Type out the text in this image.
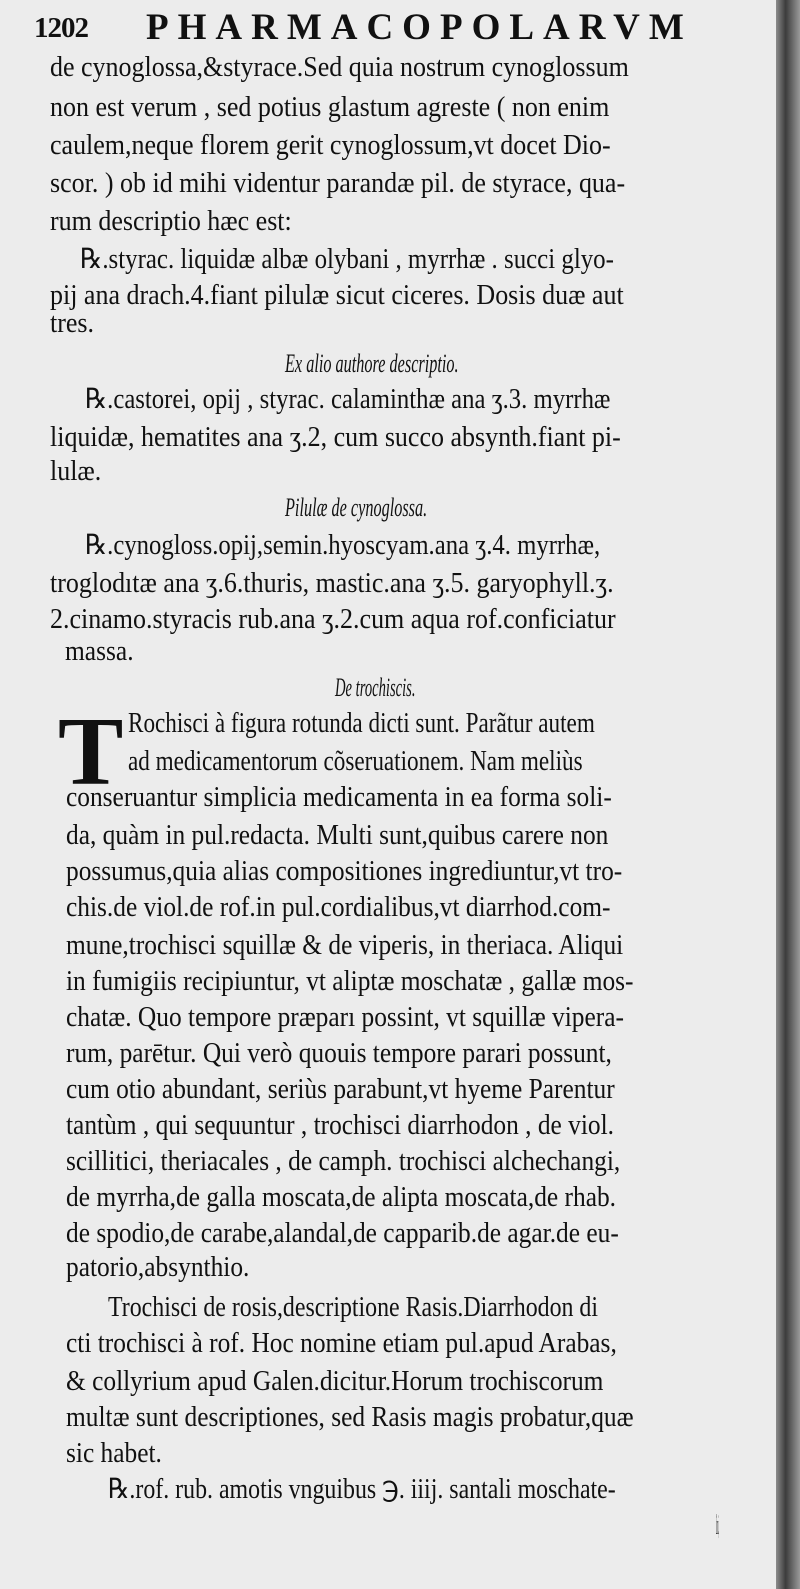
1202 PHARMACOPOLARVM
de cynoglossa,&styrace.Sed quia nostrum cynoglossum
non est verum , sed potius glastum agreste ( non enim
caulem,neque florem gerit cynoglossum,vt docet Dio-
scor. ) ob id mihi videntur parandæ pil. de styrace, qua-
rum descriptio hæc est:
℞.styrac. liquidæ albæ olybani , myrrhæ . succi glyo-
pij ana drach.4.fiant pilulæ sicut ciceres. Dosis duæ aut
tres.
Ex alio authore descriptio.
℞.castorei, opij , styrac. calaminthæ ana ʒ.3. myrrhæ
liquidæ, hematites ana ʒ.2, cum succo absynth.fiant pi-
lulæ.
Pilulæ de cynoglossa.
℞.cynogloss.opij,semin.hyoscyam.ana ʒ.4. myrrhæ,
troglodıtæ ana ʒ.6.thuris, mastic.ana ʒ.5. garyophyll.ʒ.
2.cinamo.styracis rub.ana ʒ.2.cum aqua rof.conficiatur
massa.
De trochiscis.
T Rochisci à figura rotunda dicti sunt. Parãtur autem
ad medicamentorum cõseruationem. Nam meliùs
conseruantur simplicia medicamenta in ea forma soli-
da, quàm in pul.redacta. Multi sunt,quibus carere non
possumus,quia alias compositiones ingrediuntur,vt tro-
chis.de viol.de rof.in pul.cordialibus,vt diarrhod.com-
mune,trochisci squillæ & de viperis, in theriaca. Aliqui
in fumigiis recipiuntur, vt aliptæ moschatæ , gallæ mos-
chatæ. Quo tempore præparı possint, vt squillæ vipera-
rum, parētur. Qui verò quouis tempore parari possunt,
cum otio abundant, seriùs parabunt,vt hyeme Parentur
tantùm , qui sequuntur , trochisci diarrhodon , de viol.
scillitici, theriacales , de camph. trochisci alchechangi,
de myrrha,de galla moscata,de alipta moscata,de rhab.
de spodio,de carabe,alandal,de capparib.de agar.de eu-
patorio,absynthio.
Trochisci de rosis,descriptione Rasis.Diarrhodon di
cti trochisci à rof. Hoc nomine etiam pul.apud Arabas,
& collyrium apud Galen.dicitur.Horum trochiscorum
multæ sunt descriptiones, sed Rasis magis probatur,quæ
sic habet.
℞.rof. rub. amotis vnguibus ℈. iiij. santali moschate-
lini,
